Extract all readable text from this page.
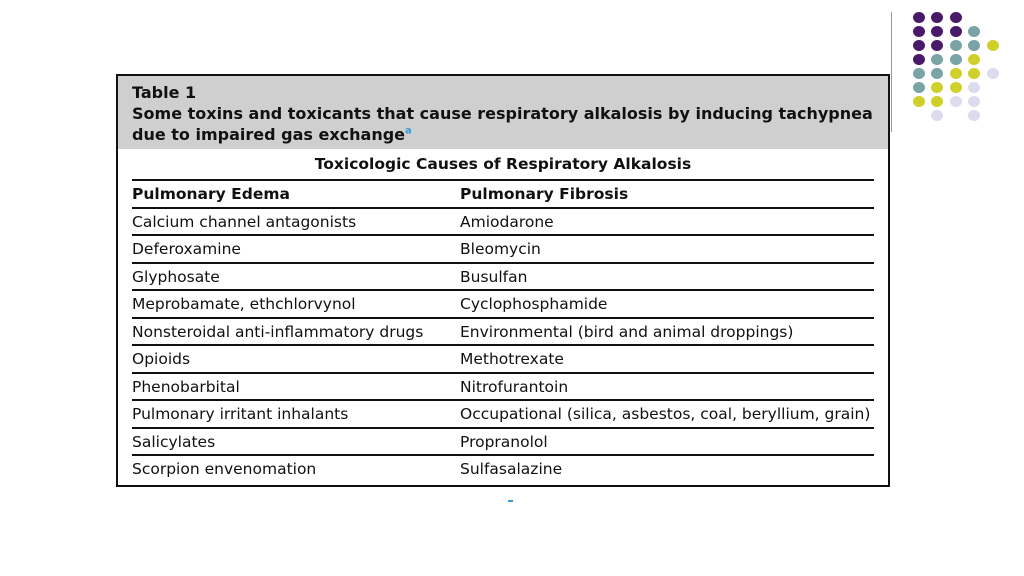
Table 1
Some toxins and toxicants that cause respiratory alkalosis by inducing tachypnea due to impaired gas exchange$^a$
Toxicologic Causes of Respiratory Alkalosis
Pulmonary Edema	Pulmonary Fibrosis
Calcium channel antagonists	Amiodarone
Deferoxamine	Bleomycin
Glyphosate	Busulfan
Meprobamate, ethchlorvynol	Cyclophosphamide
Nonsteroidal anti-inflammatory drugs	Environmental (bird and animal droppings)
Opioids	Methotrexate
Phenobarbital	Nitrofurantoin
Pulmonary irritant inhalants	Occupational (silica, asbestos, coal, beryllium, grain)
Salicylates	Propranolol
Scorpion envenomation	Sulfasalazine
